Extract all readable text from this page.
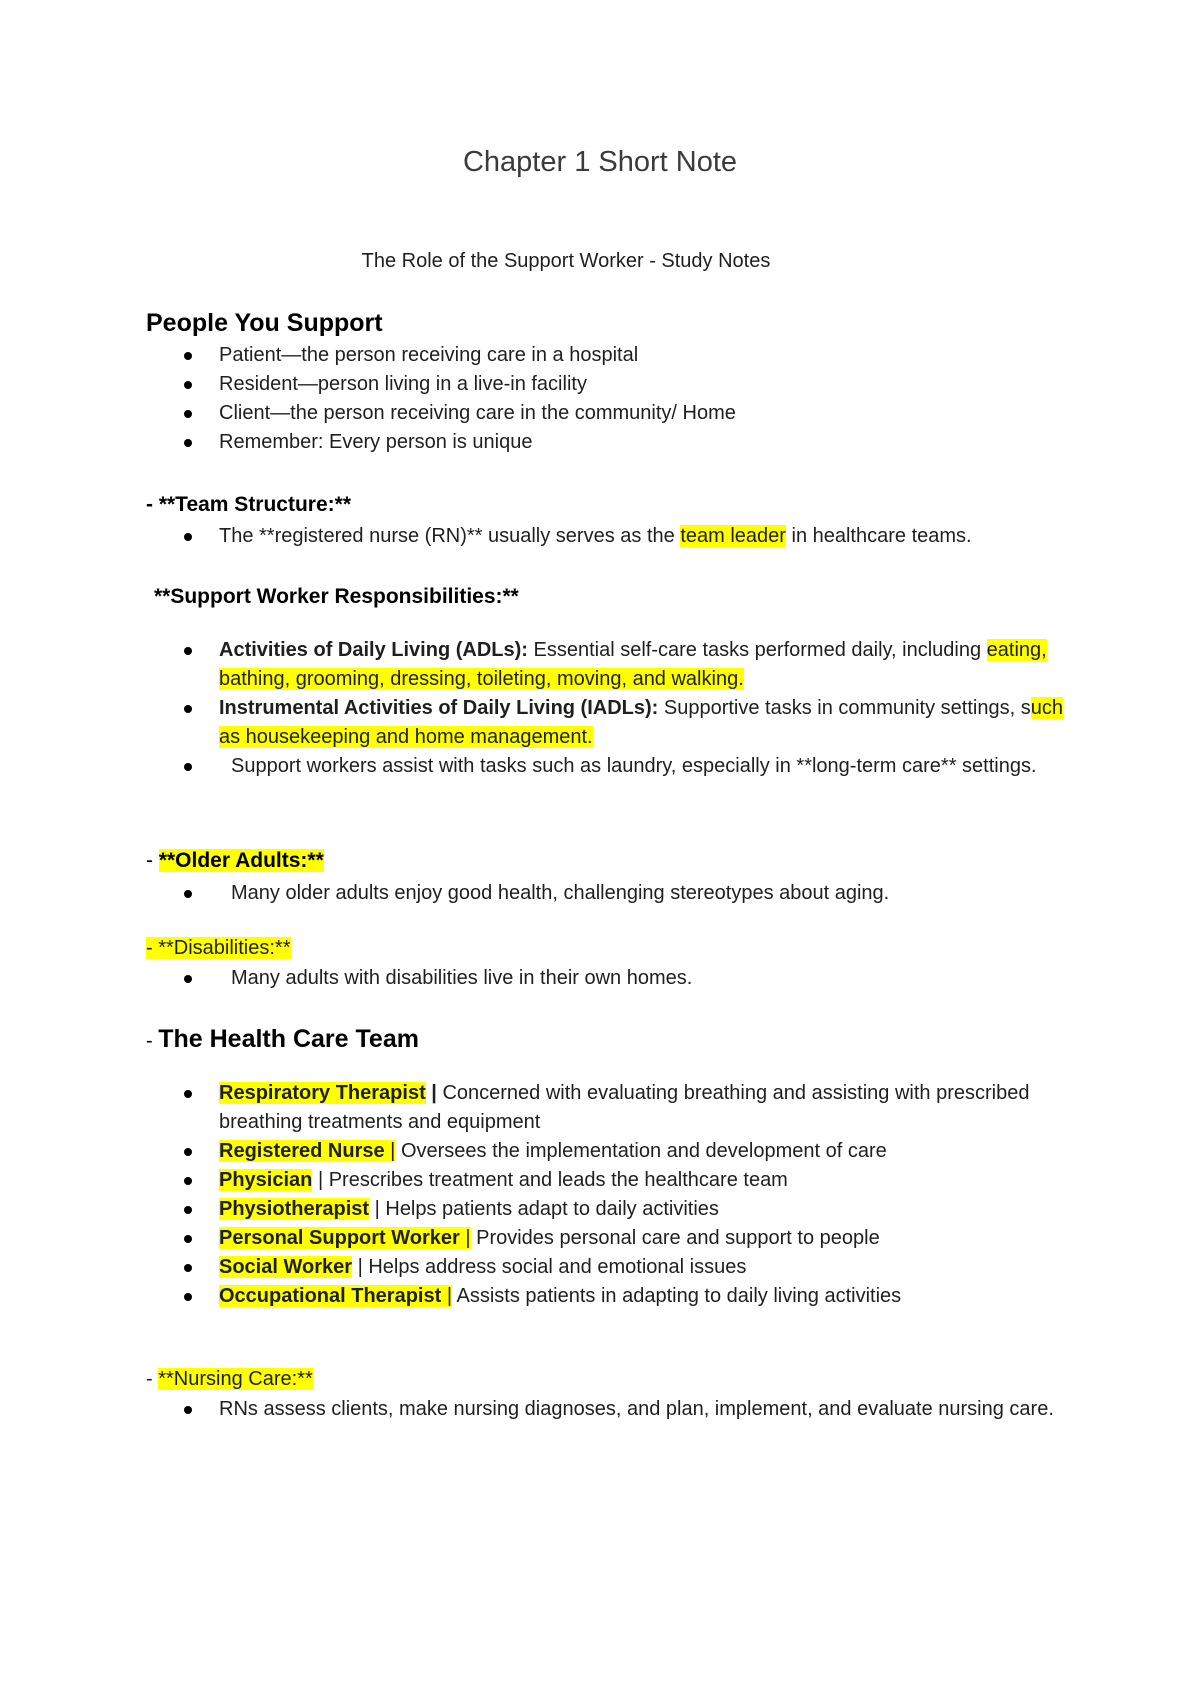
Chapter 1 Short Note
The Role of the Support Worker - Study Notes
People You Support
Patient—the person receiving care in a hospital
Resident—person living in a live-in facility
Client—the person receiving care in the community/ Home
Remember: Every person is unique
- **Team Structure:**
The **registered nurse (RN)** usually serves as the team leader in healthcare teams.
**Support Worker Responsibilities:**
Activities of Daily Living (ADLs): Essential self-care tasks performed daily, including eating, bathing, grooming, dressing, toileting, moving, and walking.
Instrumental Activities of Daily Living (IADLs): Supportive tasks in community settings, such as housekeeping and home management.
Support workers assist with tasks such as laundry, especially in **long-term care** settings.
- **Older Adults:**
Many older adults enjoy good health, challenging stereotypes about aging.
- **Disabilities:**
Many adults with disabilities live in their own homes.
- The Health Care Team
Respiratory Therapist | Concerned with evaluating breathing and assisting with prescribed breathing treatments and equipment
Registered Nurse | Oversees the implementation and development of care
Physician | Prescribes treatment and leads the healthcare team
Physiotherapist | Helps patients adapt to daily activities
Personal Support Worker | Provides personal care and support to people
Social Worker | Helps address social and emotional issues
Occupational Therapist | Assists patients in adapting to daily living activities
- **Nursing Care:**
RNs assess clients, make nursing diagnoses, and plan, implement, and evaluate nursing care.
